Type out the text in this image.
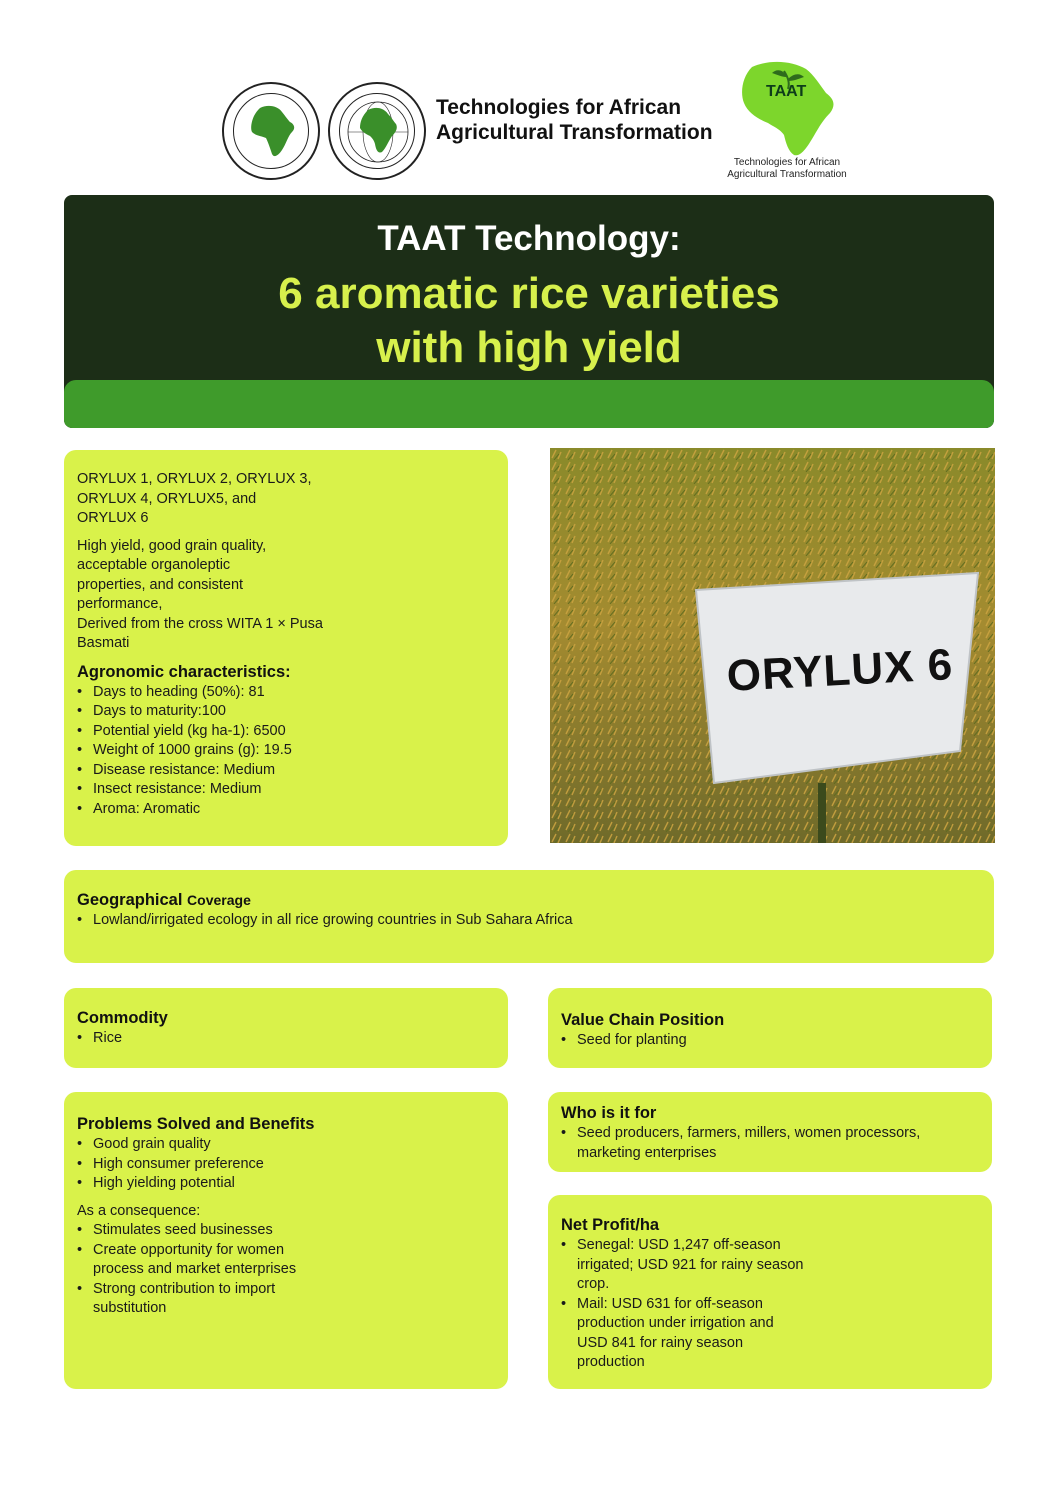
Technologies for African
Agricultural Transformation
TAAT
Technologies for African
Agricultural Transformation
TAAT Technology:
6 aromatic rice varieties
with high yield

ORYLUX 1, ORYLUX 2, ORYLUX 3, ORYLUX 4, ORYLUX5, and ORYLUX 6

High yield, good grain quality, acceptable organoleptic properties, and consistent performance,

Derived from the cross WITA 1 × Pusa Basmati

Agronomic characteristics:
• Days to heading (50%): 81
• Days to maturity:100
• Potential yield (kg ha-1): 6500
• Weight of 1000 grains (g): 19.5
• Disease resistance: Medium
• Insect resistance: Medium
• Aroma: Aromatic
ORYLUX 6
Geographical Coverage
• Lowland/irrigated ecology in all rice growing countries in Sub Sahara Africa
Commodity
• Rice
Value Chain Position
• Seed for planting
Problems Solved and Benefits
• Good grain quality
• High consumer preference
• High yielding potential
As a consequence:
• Stimulates seed businesses
• Create opportunity for women process and market enterprises
• Strong contribution to import substitution
Who is it for
• Seed producers, farmers, millers, women processors, marketing enterprises
Net Profit/ha
• Senegal: USD 1,247 off-season irrigated; USD 921 for rainy season crop.
• Mail: USD 631 for off-season production under irrigation and USD 841 for rainy season production
